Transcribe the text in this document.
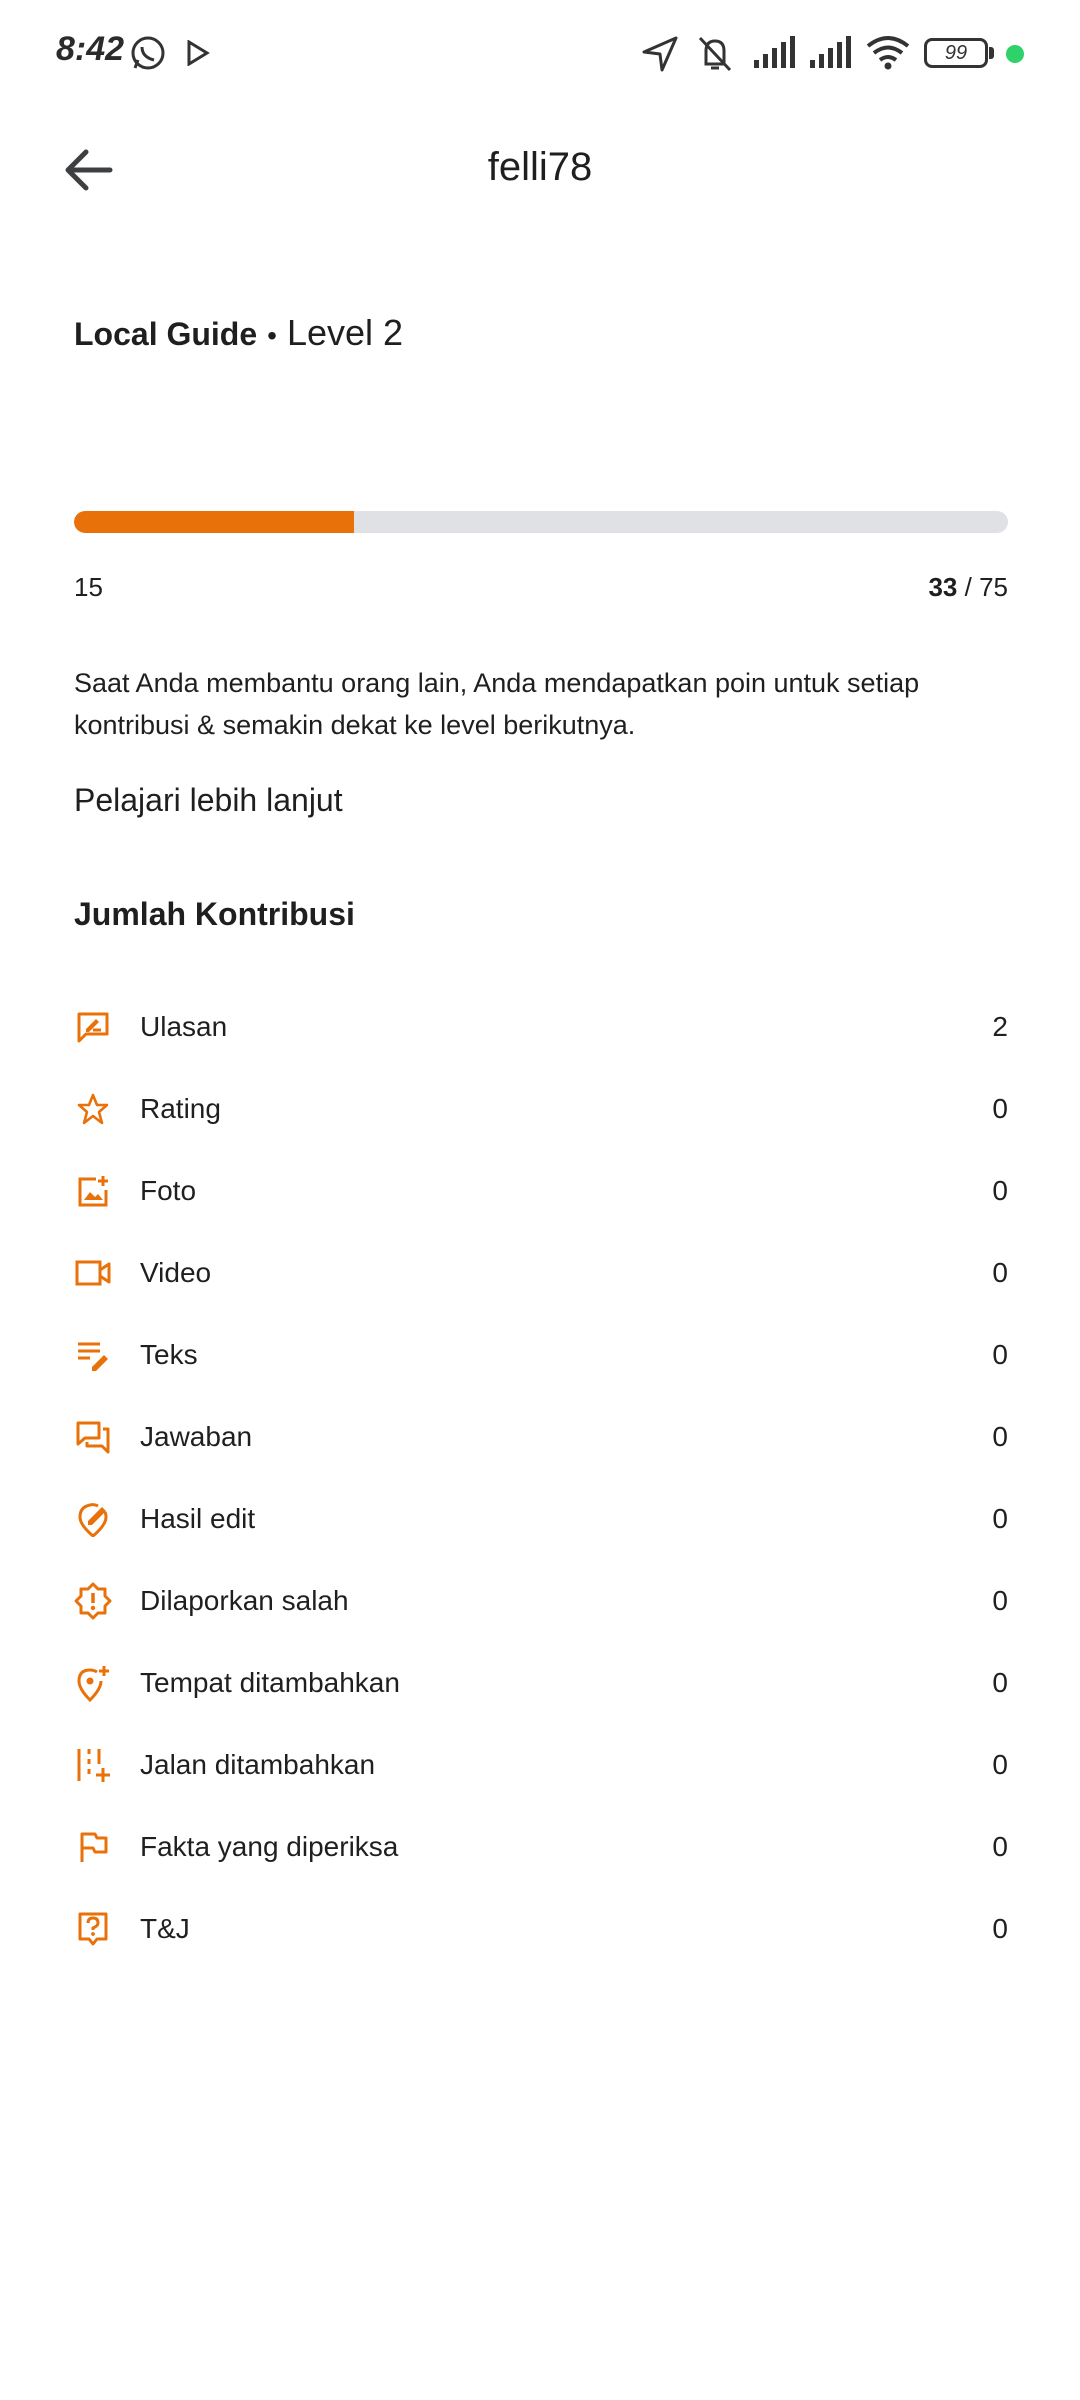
8:42	99
felli78
Local Guide • Level 2
15	33 / 75
Saat Anda membantu orang lain, Anda mendapatkan poin untuk setiap kontribusi & semakin dekat ke level berikutnya.
Pelajari lebih lanjut
Jumlah Kontribusi
Ulasan	2
Rating	0
Foto	0
Video	0
Teks	0
Jawaban	0
Hasil edit	0
Dilaporkan salah	0
Tempat ditambahkan	0
Jalan ditambahkan	0
Fakta yang diperiksa	0
T&J	0
